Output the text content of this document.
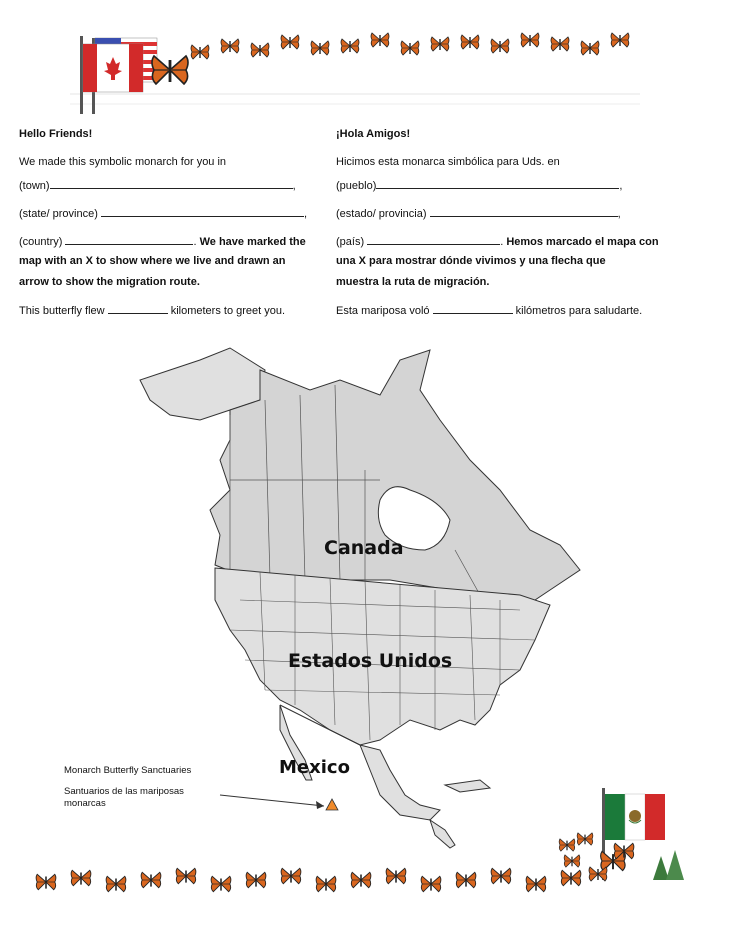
Hello Friends!
We made this symbolic monarch for you in
(town)	,
(state/ province)	,
(country)	. We have marked the
map with an X to show where we live and drawn an
arrow to show the migration route.
This butterfly flew	kilometers to greet you.
¡Hola Amigos!
Hicimos esta monarca simbólica para Uds. en
(pueblo)	,
(estado/ provincia)	,
(país)	. Hemos marcado el mapa con
una X para mostrar dónde vivimos y una flecha que
muestra la ruta de migración.
Esta mariposa voló	kilómetros para saludarte.
Canada
Estados Unidos
Mexico
Monarch Butterfly Sanctuaries
Santuarios de las mariposas
monarcas
